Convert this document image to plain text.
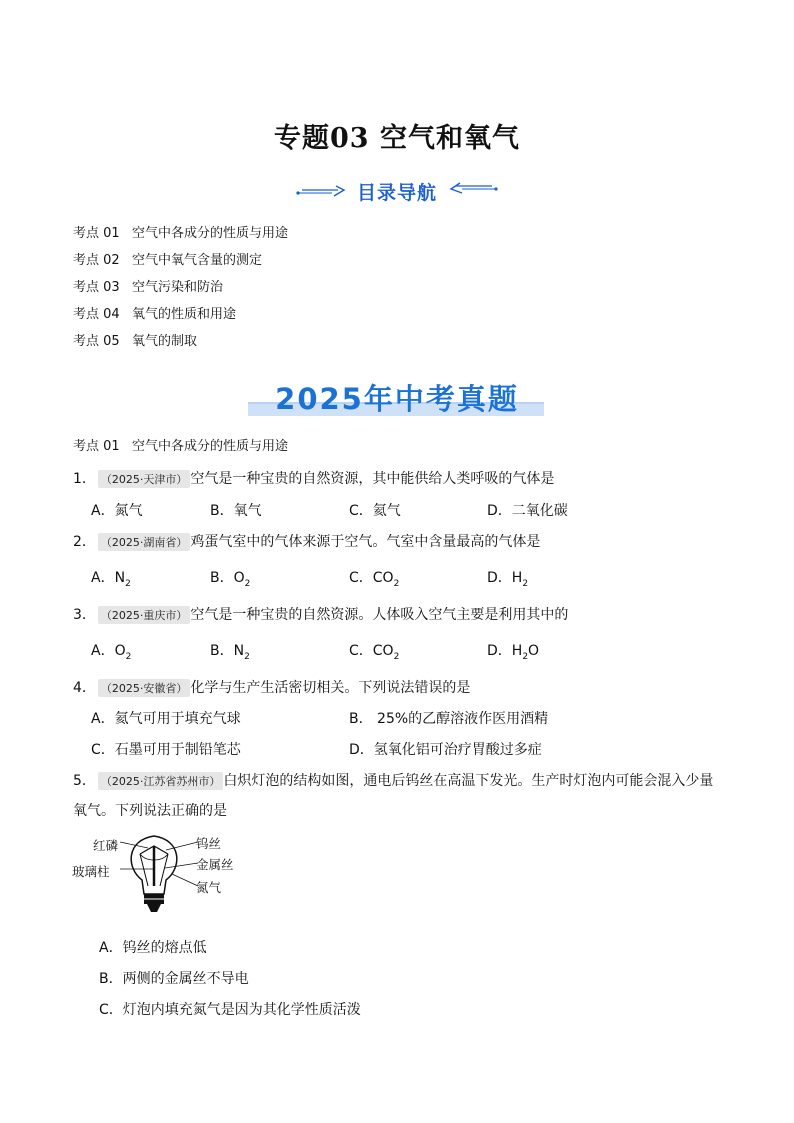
专题03 空气和氧气
目录导航
考点 01 空气中各成分的性质与用途
考点 02 空气中氧气含量的测定
考点 03 空气污染和防治
考点 04 氧气的性质和用途
考点 05 氧气的制取
2025年中考真题
考点 01 空气中各成分的性质与用途
1． （2025·天津市） 空气是一种宝贵的自然资源，其中能供给人类呼吸的气体是
A．氮气	B．氧气	C．氦气	D．二氧化碳
2． （2025·湖南省） 鸡蛋气室中的气体来源于空气。气室中含量最高的气体是
A．$N_2$	B．$O_2$	C．$CO_2$	D．$H_2$
3． （2025·重庆市） 空气是一种宝贵的自然资源。人体吸入空气主要是利用其中的
A．$O_2$	B．$N_2$	C．$CO_2$	D．$H_2O$
4． （2025·安徽省） 化学与生产生活密切相关。下列说法错误的是
A．氦气可用于填充气球	B． 25%的乙醇溶液作医用酒精
C．石墨可用于制铅笔芯	D．氢氧化铝可治疗胃酸过多症
5． （2025·江苏省苏州市） 白炽灯泡的结构如图，通电后钨丝在高温下发光。生产时灯泡内可能会混入少量
氧气。下列说法正确的是
红磷
玻璃柱
钨丝
金属丝
氮气
A．钨丝的熔点低
B．两侧的金属丝不导电
C．灯泡内填充氮气是因为其化学性质活泼
